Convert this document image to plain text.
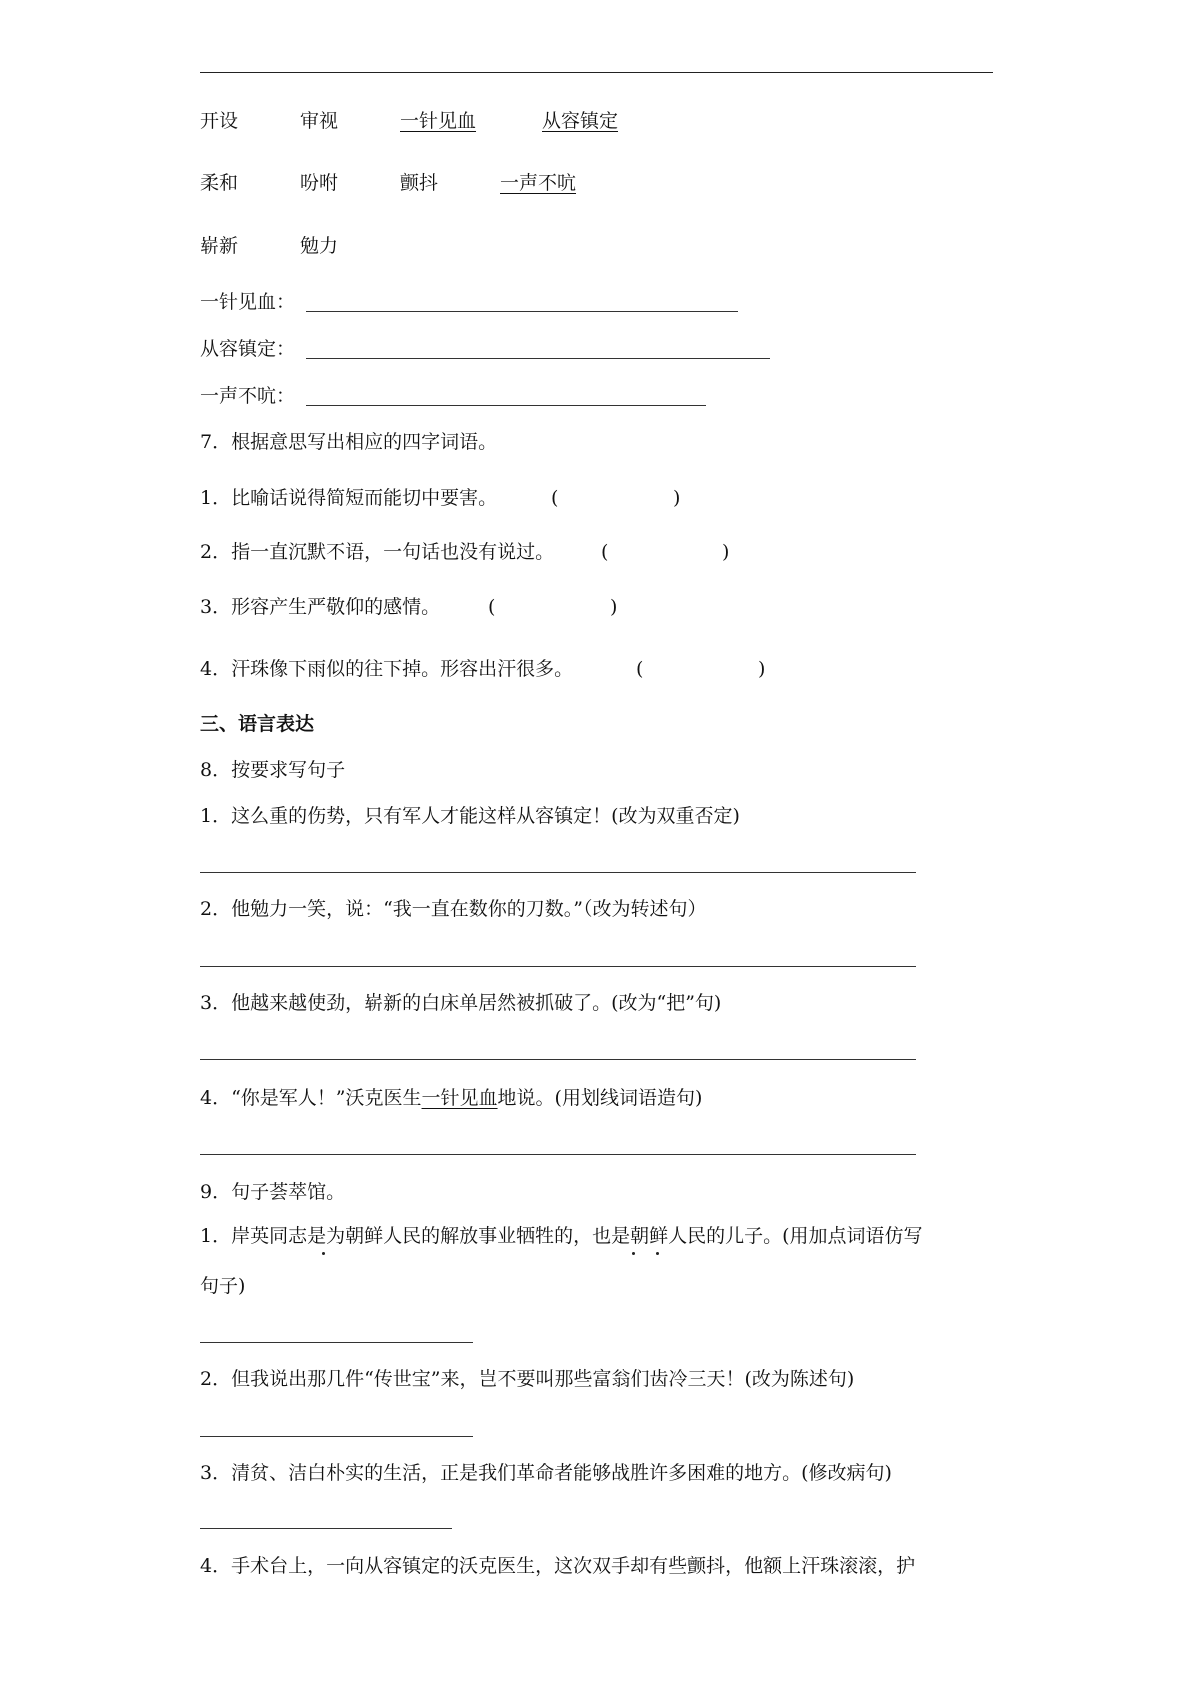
开设	审视	一针见血	从容镇定
柔和	吩咐	颤抖	一声不吭
崭新	勉力
一针见血：
从容镇定：
一声不吭：
7．根据意思写出相应的四字词语。
1．比喻话说得简短而能切中要害。	(	)
2．指一直沉默不语，一句话也没有说过。 (	)
3．形容产生严敬仰的感情。	(	)
4．汗珠像下雨似的往下掉。形容出汗很多。	(	)
三、语言表达
8．按要求写句子
1．这么重的伤势，只有军人才能这样从容镇定！(改为双重否定)
2．他勉力一笑，说：“我一直在数你的刀数。”（改为转述句）
3．他越来越使劲，崭新的白床单居然被抓破了。(改为“把”句)
4．“你是军人！”沃克医生一针见血地说。(用划线词语造句)
9．句子荟萃馆。
1．岸英同志是为朝鲜人民的解放事业牺牲的，也是朝鲜人民的儿子。(用加点词语仿写
句子)
2．但我说出那几件“传世宝”来，岂不要叫那些富翁们齿冷三天！(改为陈述句)
3．清贫、洁白朴实的生活，正是我们革命者能够战胜许多困难的地方。(修改病句)
4．手术台上，一向从容镇定的沃克医生，这次双手却有些颤抖，他额上汗珠滚滚，护
